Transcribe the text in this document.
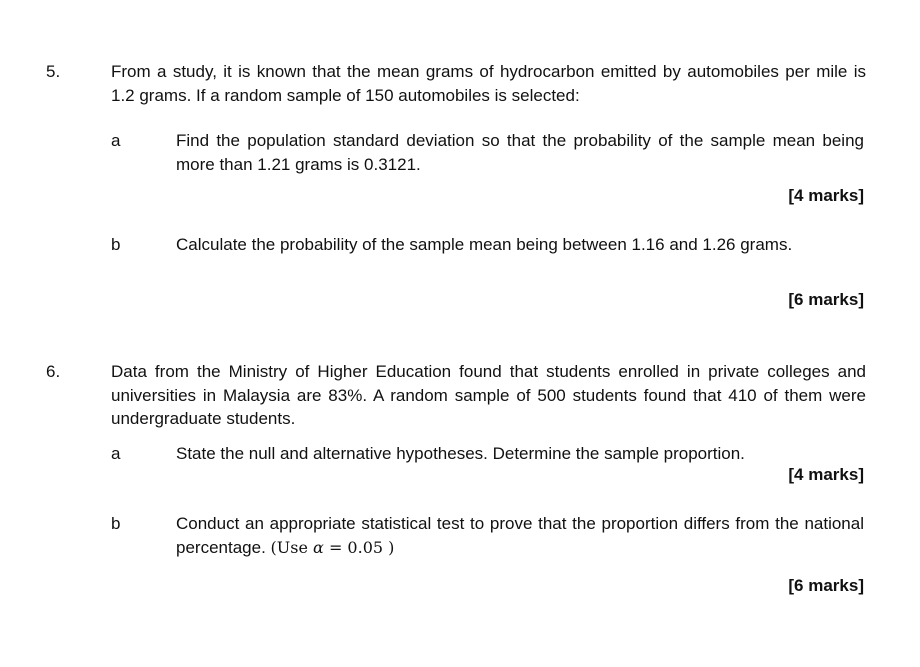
5.	From a study, it is known that the mean grams of hydrocarbon emitted by automobiles per mile is 1.2 grams. If a random sample of 150 automobiles is selected:
a	Find the population standard deviation so that the probability of the sample mean being more than 1.21 grams is 0.3121.
[4 marks]
b	Calculate the probability of the sample mean being between 1.16 and 1.26 grams.
[6 marks]
6.	Data from the Ministry of Higher Education found that students enrolled in private colleges and universities in Malaysia are 83%. A random sample of 500 students found that 410 of them were undergraduate students.
a	State the null and alternative hypotheses. Determine the sample proportion.
[4 marks]
b	Conduct an appropriate statistical test to prove that the proportion differs from the national percentage. (Use α = 0.05 )
[6 marks]
